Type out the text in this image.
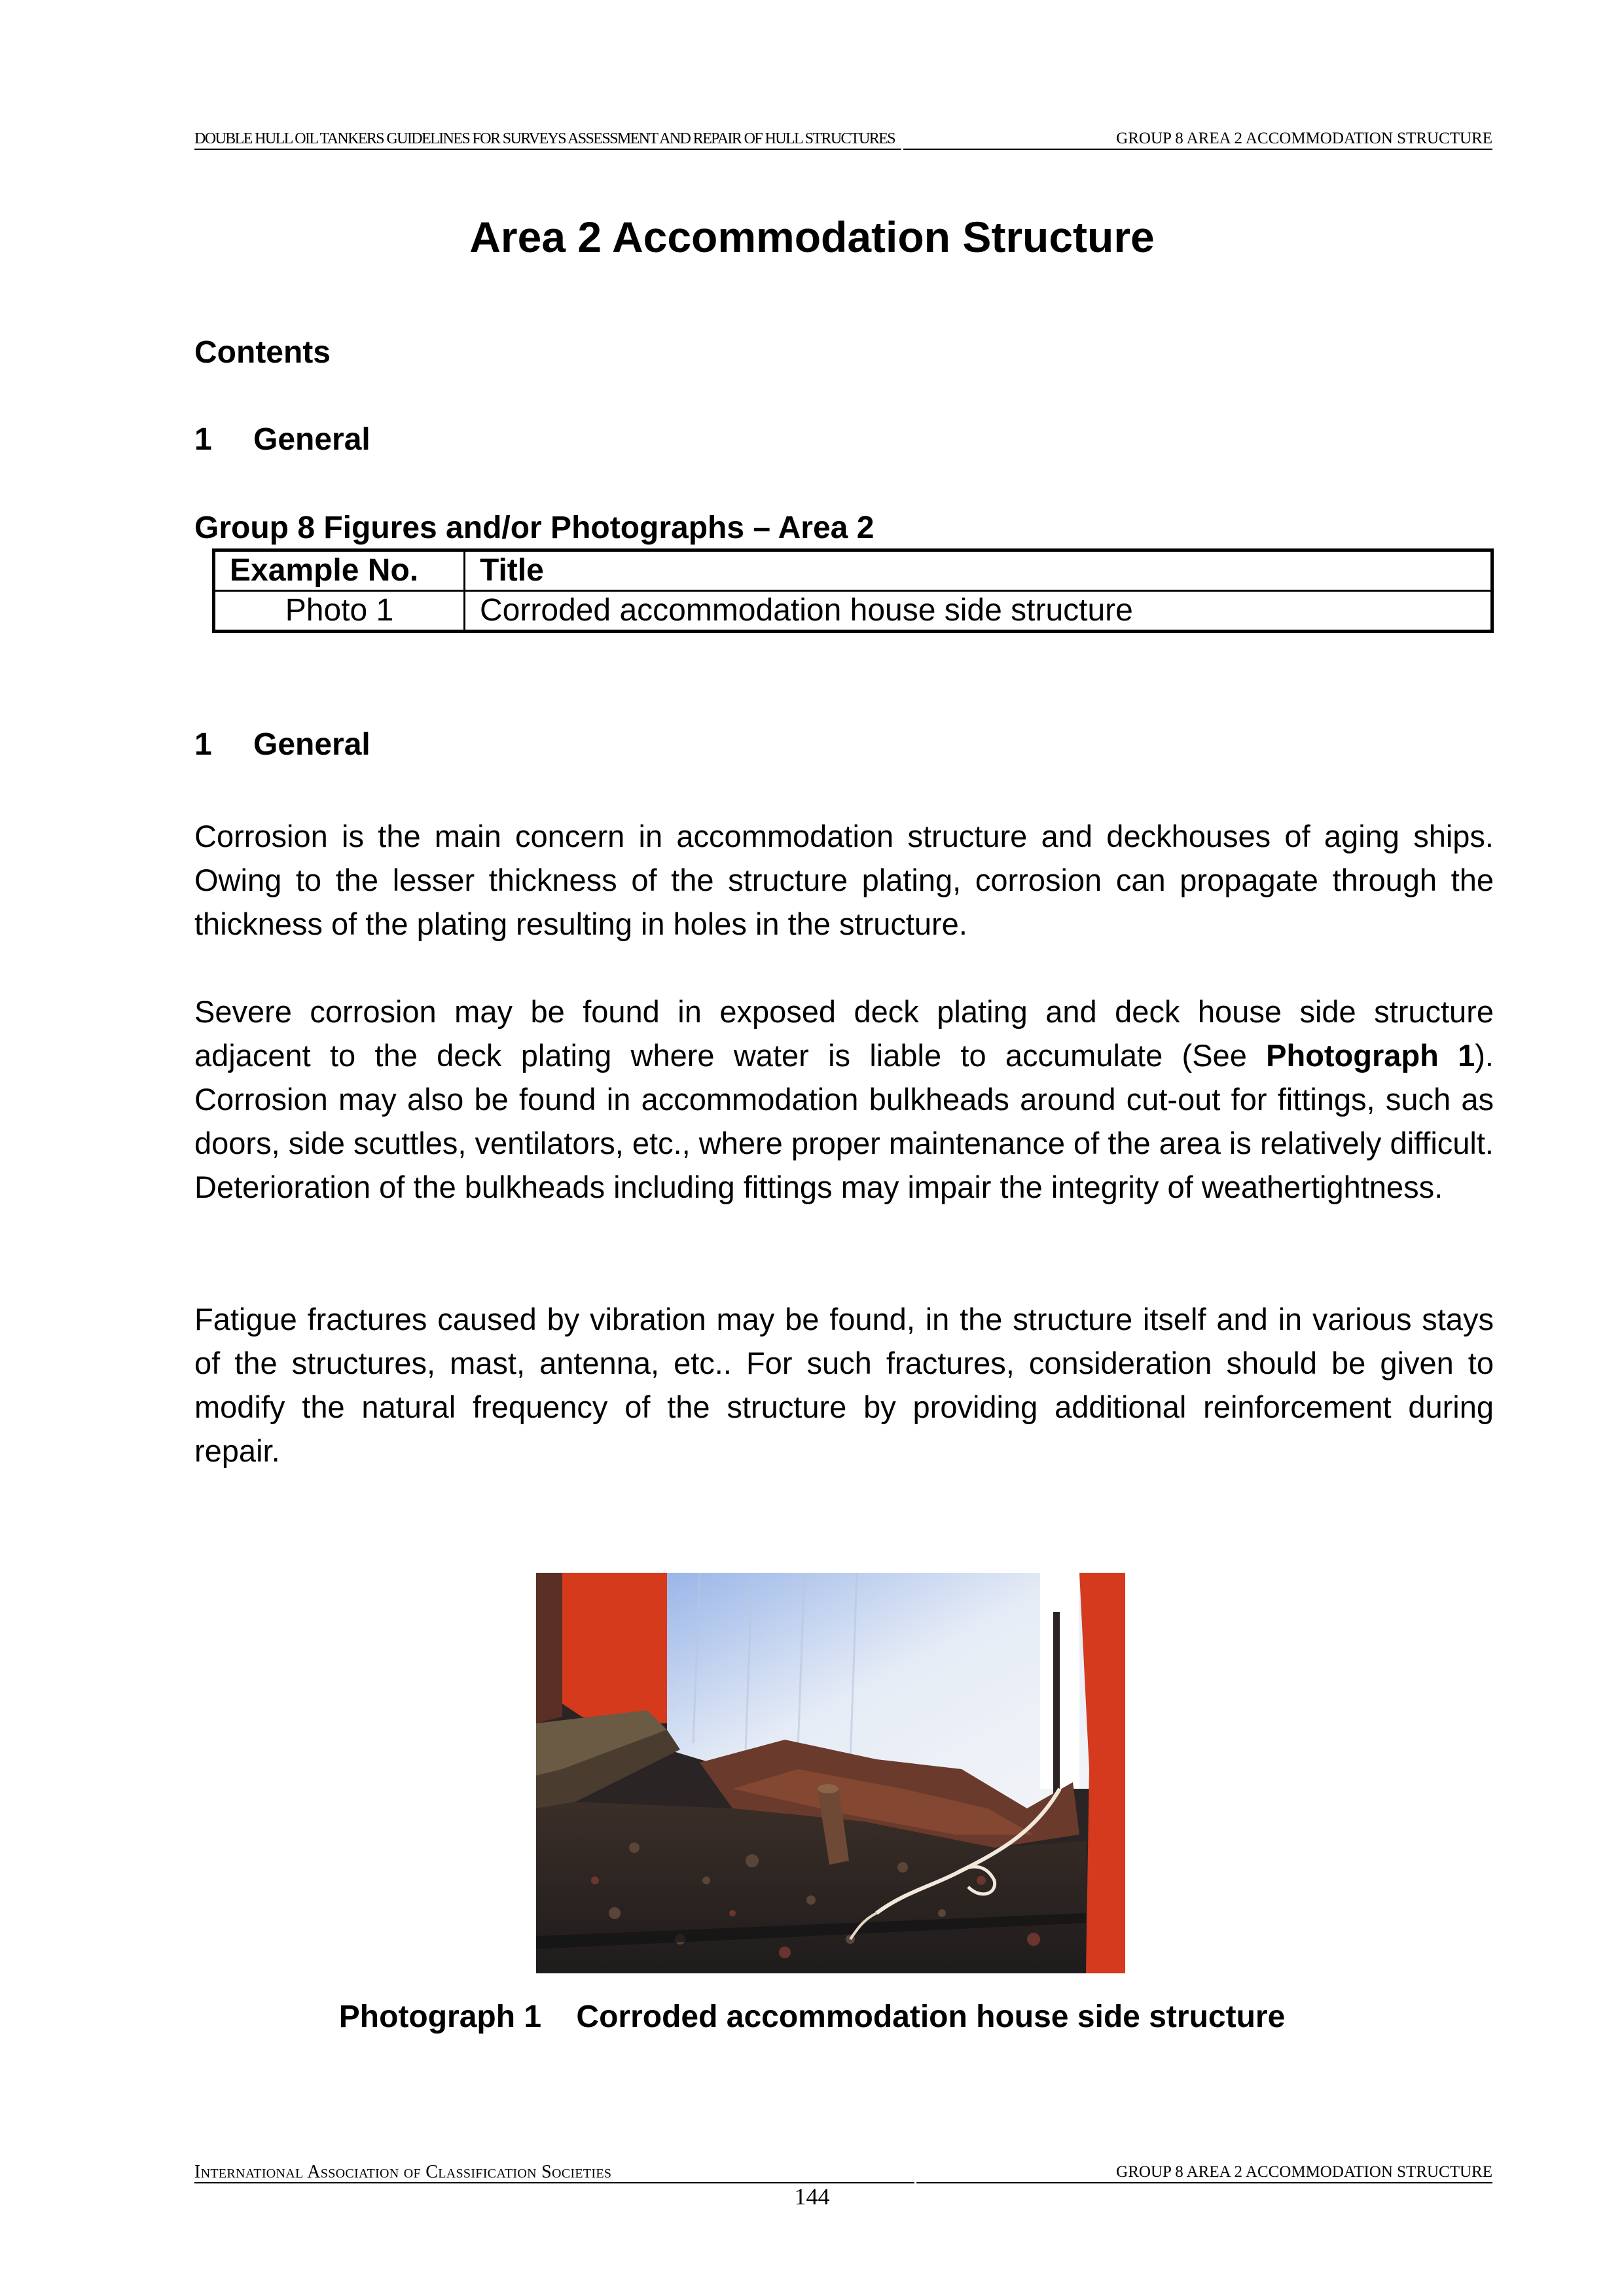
DOUBLE HULL OIL TANKERS GUIDELINES FOR SURVEYS ASSESSMENT AND REPAIR OF HULL STRUCTURES	GROUP 8 AREA 2 ACCOMMODATION STRUCTURE
Area 2 Accommodation Structure
Contents
1 General
Group 8 Figures and/or Photographs – Area 2
Example No.	Title
Photo 1	Corroded accommodation house side structure
1 General

Corrosion is the main concern in accommodation structure and deckhouses of aging ships. Owing to the lesser thickness of the structure plating, corrosion can propagate through the thickness of the plating resulting in holes in the structure.

Severe corrosion may be found in exposed deck plating and deck house side structure adjacent to the deck plating where water is liable to accumulate (See Photograph 1). Corrosion may also be found in accommodation bulkheads around cut-out for fittings, such as doors, side scuttles, ventilators, etc., where proper maintenance of the area is relatively difficult. Deterioration of the bulkheads including fittings may impair the integrity of weathertightness.

Fatigue fractures caused by vibration may be found, in the structure itself and in various stays of the structures, mast, antenna, etc.. For such fractures, consideration should be given to modify the natural frequency of the structure by providing additional reinforcement during repair.

Photograph 1 Corroded accommodation house side structure
International Association of Classification Societies	GROUP 8 AREA 2 ACCOMMODATION STRUCTURE
144
